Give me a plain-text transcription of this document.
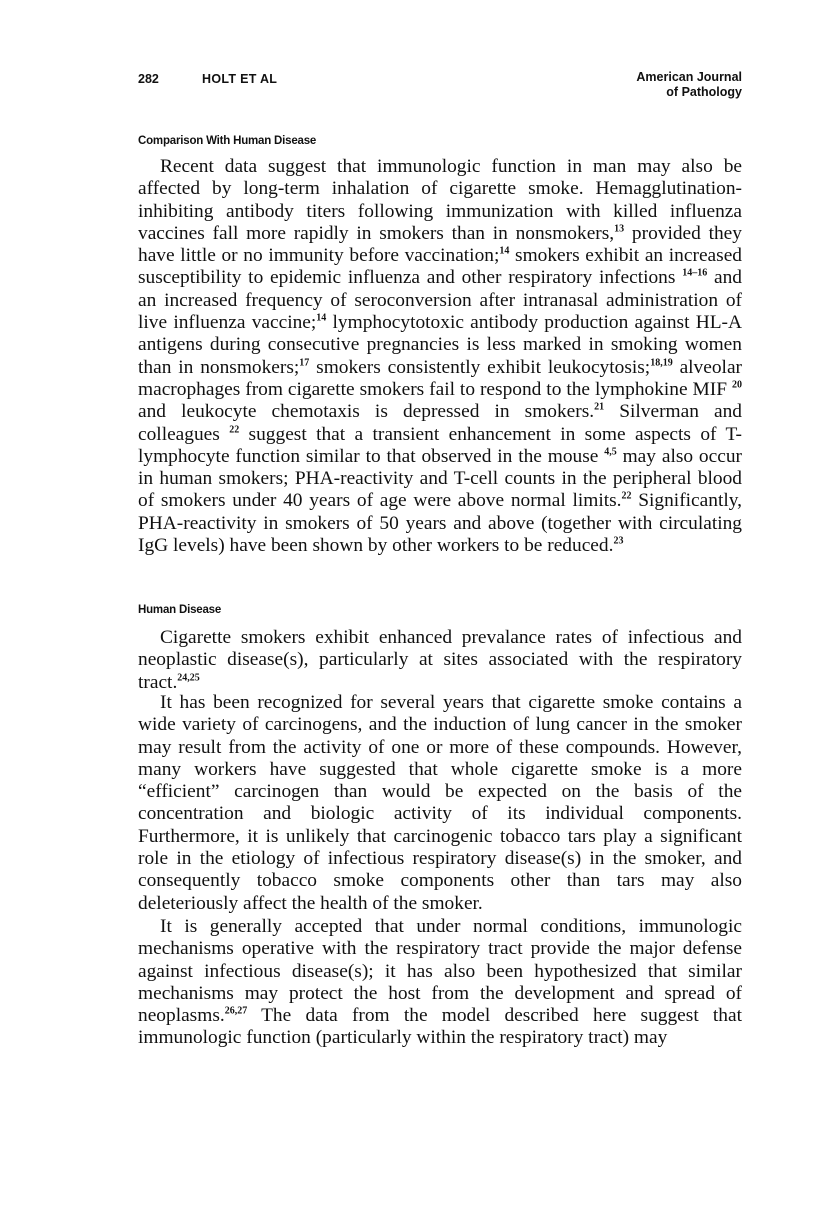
282	HOLT ET AL	American Journal
of Pathology
Comparison With Human Disease

Recent data suggest that immunologic function in man may also be affected by long-term inhalation of cigarette smoke. Hemagglutination-inhibiting antibody titers following immunization with killed influenza vaccines fall more rapidly in smokers than in nonsmokers,$^{13}$ provided they have little or no immunity before vaccination;$^{14}$ smokers exhibit an increased susceptibility to epidemic influenza and other respiratory infections $^{14-16}$ and an increased frequency of seroconversion after intranasal administration of live influenza vaccine;$^{14}$ lymphocytotoxic antibody production against HL-A antigens during consecutive pregnancies is less marked in smoking women than in nonsmokers;$^{17}$ smokers consistently exhibit leukocytosis;$^{18,19}$ alveolar macrophages from cigarette smokers fail to respond to the lymphokine MIF $^{20}$ and leukocyte chemotaxis is depressed in smokers.$^{21}$ Silverman and colleagues $^{22}$ suggest that a transient enhancement in some aspects of T-lymphocyte function similar to that observed in the mouse $^{4,5}$ may also occur in human smokers; PHA-reactivity and T-cell counts in the peripheral blood of smokers under 40 years of age were above normal limits.$^{22}$ Significantly, PHA-reactivity in smokers of 50 years and above (together with circulating IgG levels) have been shown by other workers to be reduced.$^{23}$

Human Disease

Cigarette smokers exhibit enhanced prevalance rates of infectious and neoplastic disease(s), particularly at sites associated with the respiratory tract.$^{24,25}$

It has been recognized for several years that cigarette smoke contains a wide variety of carcinogens, and the induction of lung cancer in the smoker may result from the activity of one or more of these compounds. However, many workers have suggested that whole cigarette smoke is a more “efficient” carcinogen than would be expected on the basis of the concentration and biologic activity of its individual components. Furthermore, it is unlikely that carcinogenic tobacco tars play a significant role in the etiology of infectious respiratory disease(s) in the smoker, and consequently tobacco smoke components other than tars may also deleteriously affect the health of the smoker.

It is generally accepted that under normal conditions, immunologic mechanisms operative with the respiratory tract provide the major defense against infectious disease(s); it has also been hypothesized that similar mechanisms may protect the host from the development and spread of neoplasms.$^{26,27}$ The data from the model described here suggest that immunologic function (particularly within the respiratory tract) may
